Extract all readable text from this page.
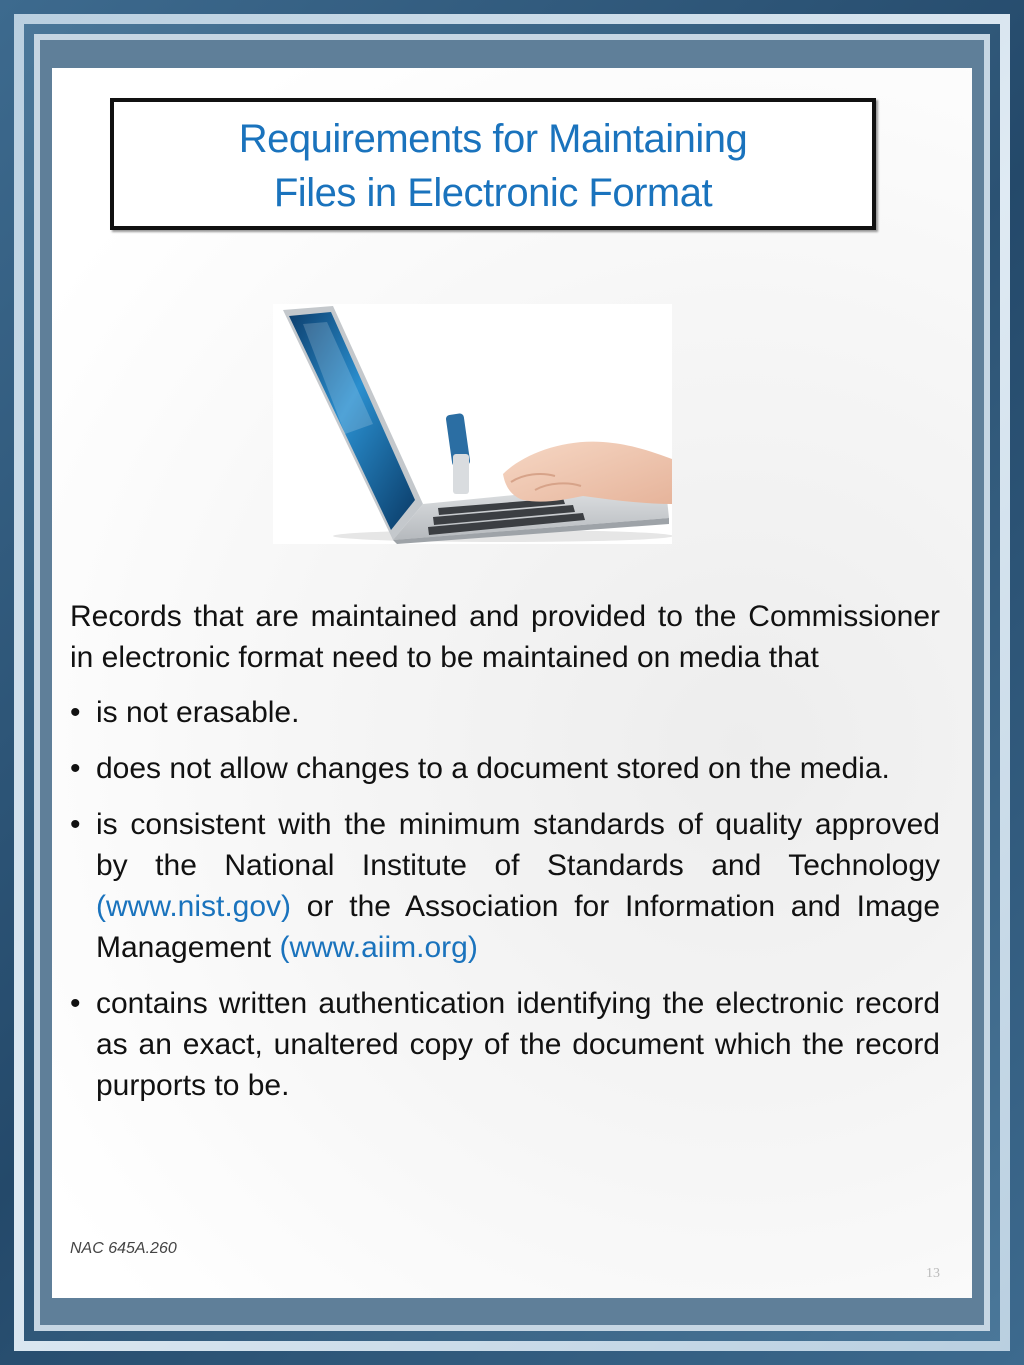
Requirements for Maintaining
Files in Electronic Format

Records that are maintained and provided to the Commissioner in electronic format need to be maintained on media that

• is not erasable.
• does not allow changes to a document stored on the media.
• is consistent with the minimum standards of quality approved by the National Institute of Standards and Technology (www.nist.gov) or the Association for Information and Image Management (www.aiim.org)
• contains written authentication identifying the electronic record as an exact, unaltered copy of the document which the record purports to be.
NAC 645A.260
13
